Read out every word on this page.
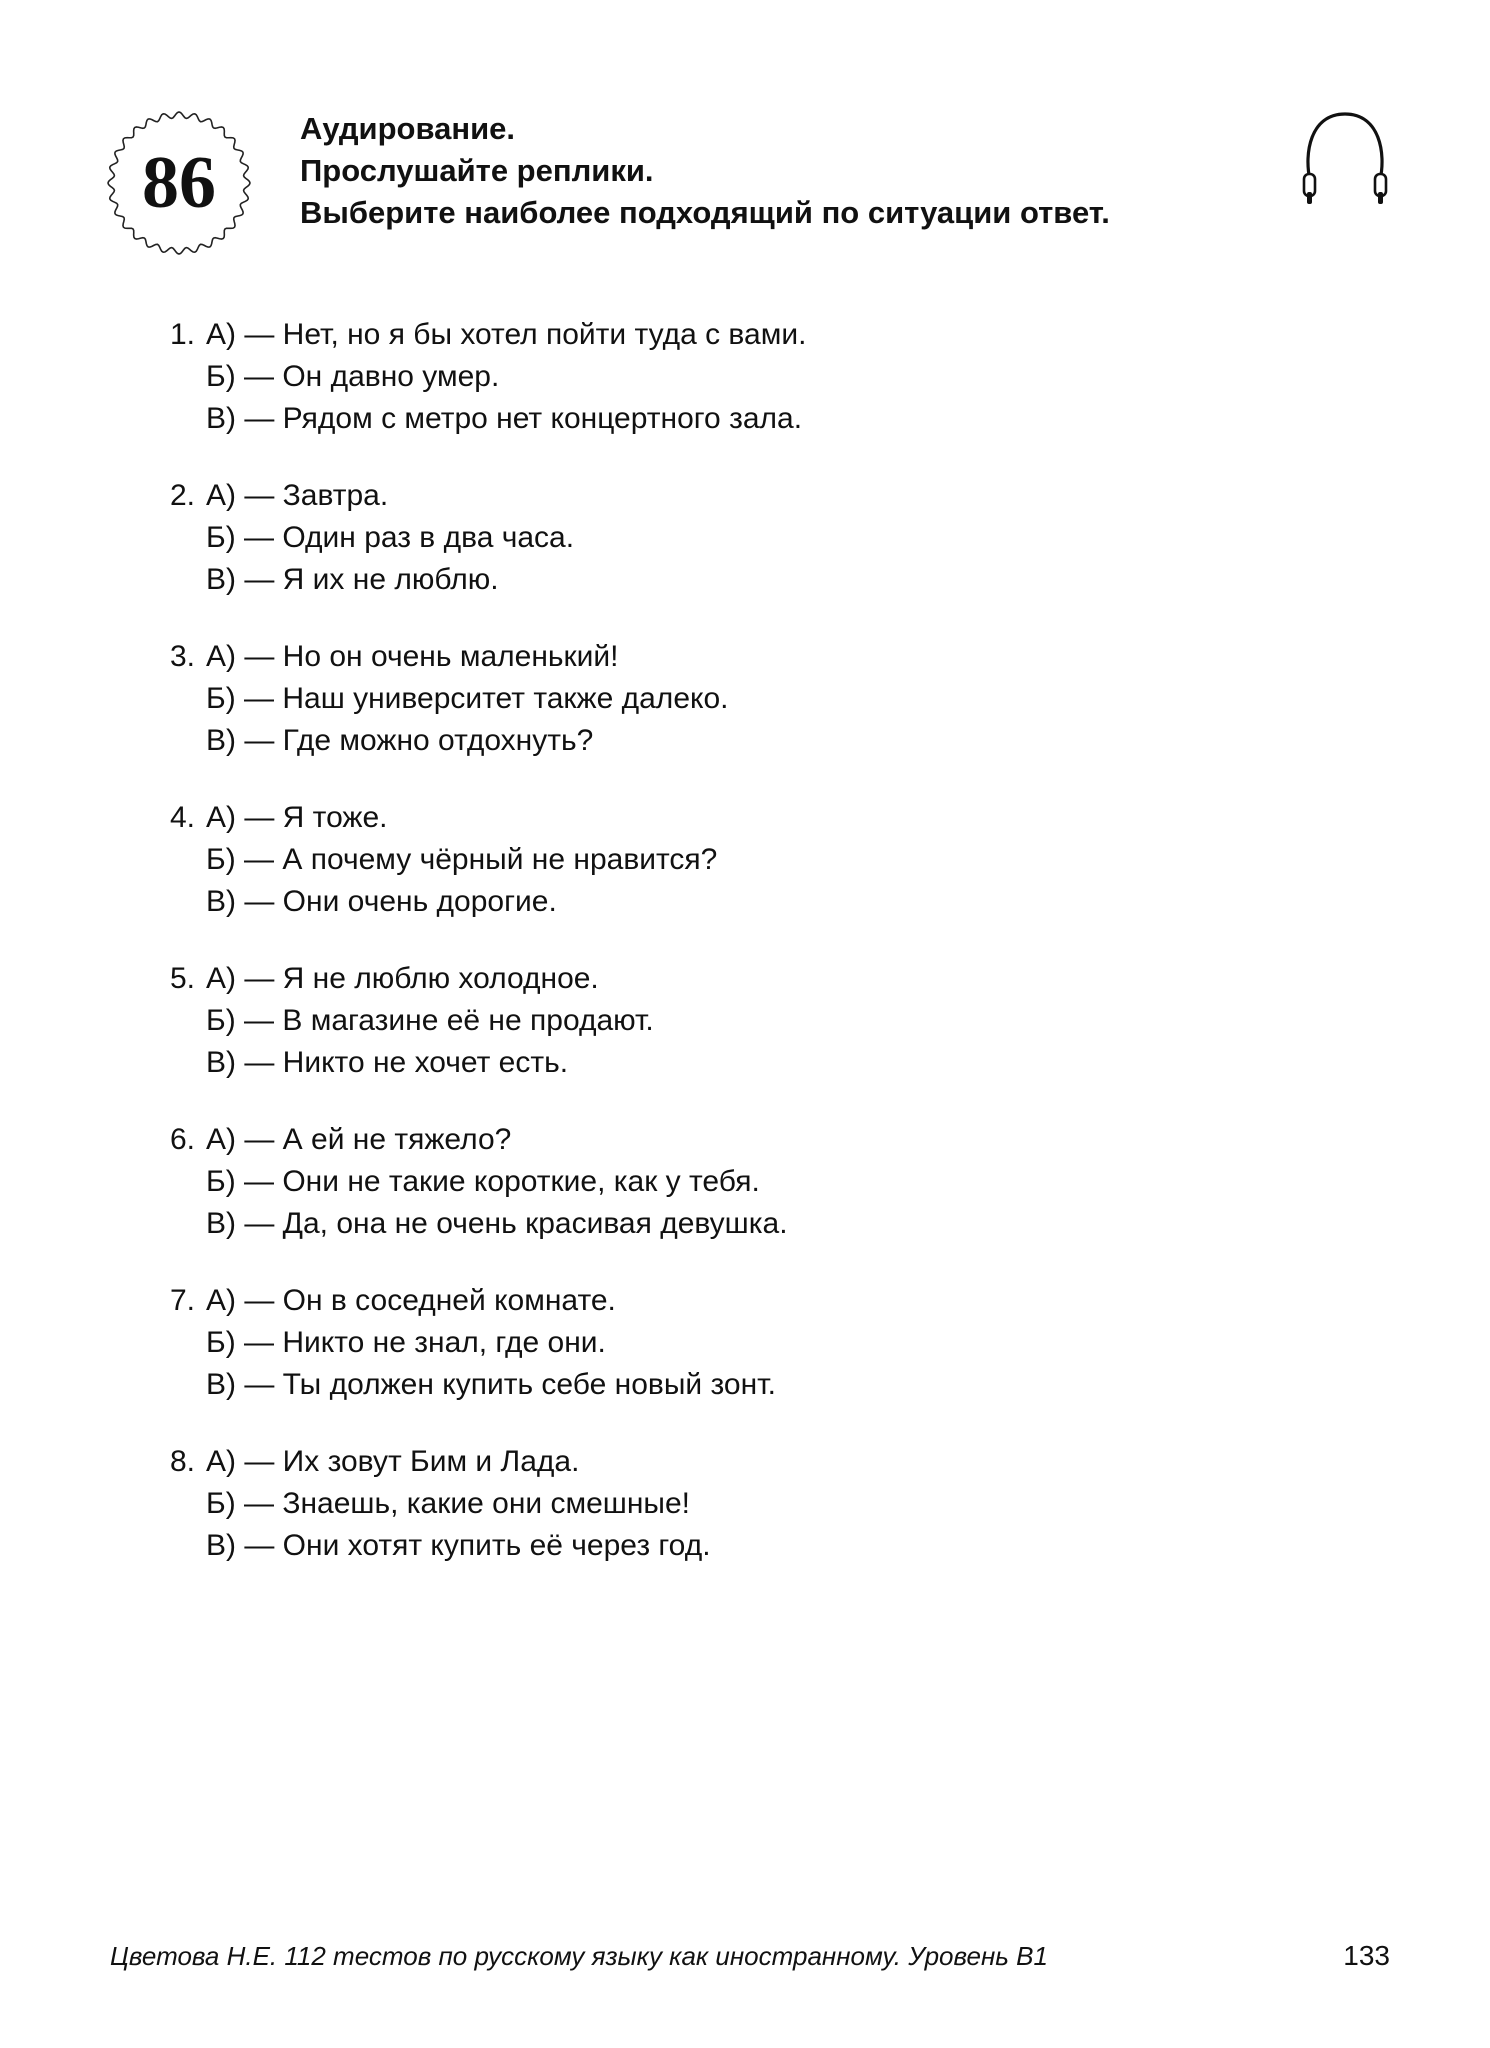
86
Аудирование.
Прослушайте реплики.
Выберите наиболее подходящий по ситуации ответ.
1. А) — Нет, но я бы хотел пойти туда с вами.
Б) — Он давно умер.
В) — Рядом с метро нет концертного зала.
2. А) — Завтра.
Б) — Один раз в два часа.
В) — Я их не люблю.
3. А) — Но он очень маленький!
Б) — Наш университет также далеко.
В) — Где можно отдохнуть?
4. А) — Я тоже.
Б) — А почему чёрный не нравится?
В) — Они очень дорогие.
5. А) — Я не люблю холодное.
Б) — В магазине её не продают.
В) — Никто не хочет есть.
6. А) — А ей не тяжело?
Б) — Они не такие короткие, как у тебя.
В) — Да, она не очень красивая девушка.
7. А) — Он в соседней комнате.
Б) — Никто не знал, где они.
В) — Ты должен купить себе новый зонт.
8. А) — Их зовут Бим и Лада.
Б) — Знаешь, какие они смешные!
В) — Они хотят купить её через год.
Цветова Н.Е. 112 тестов по русскому языку как иностранному. Уровень В1	133
